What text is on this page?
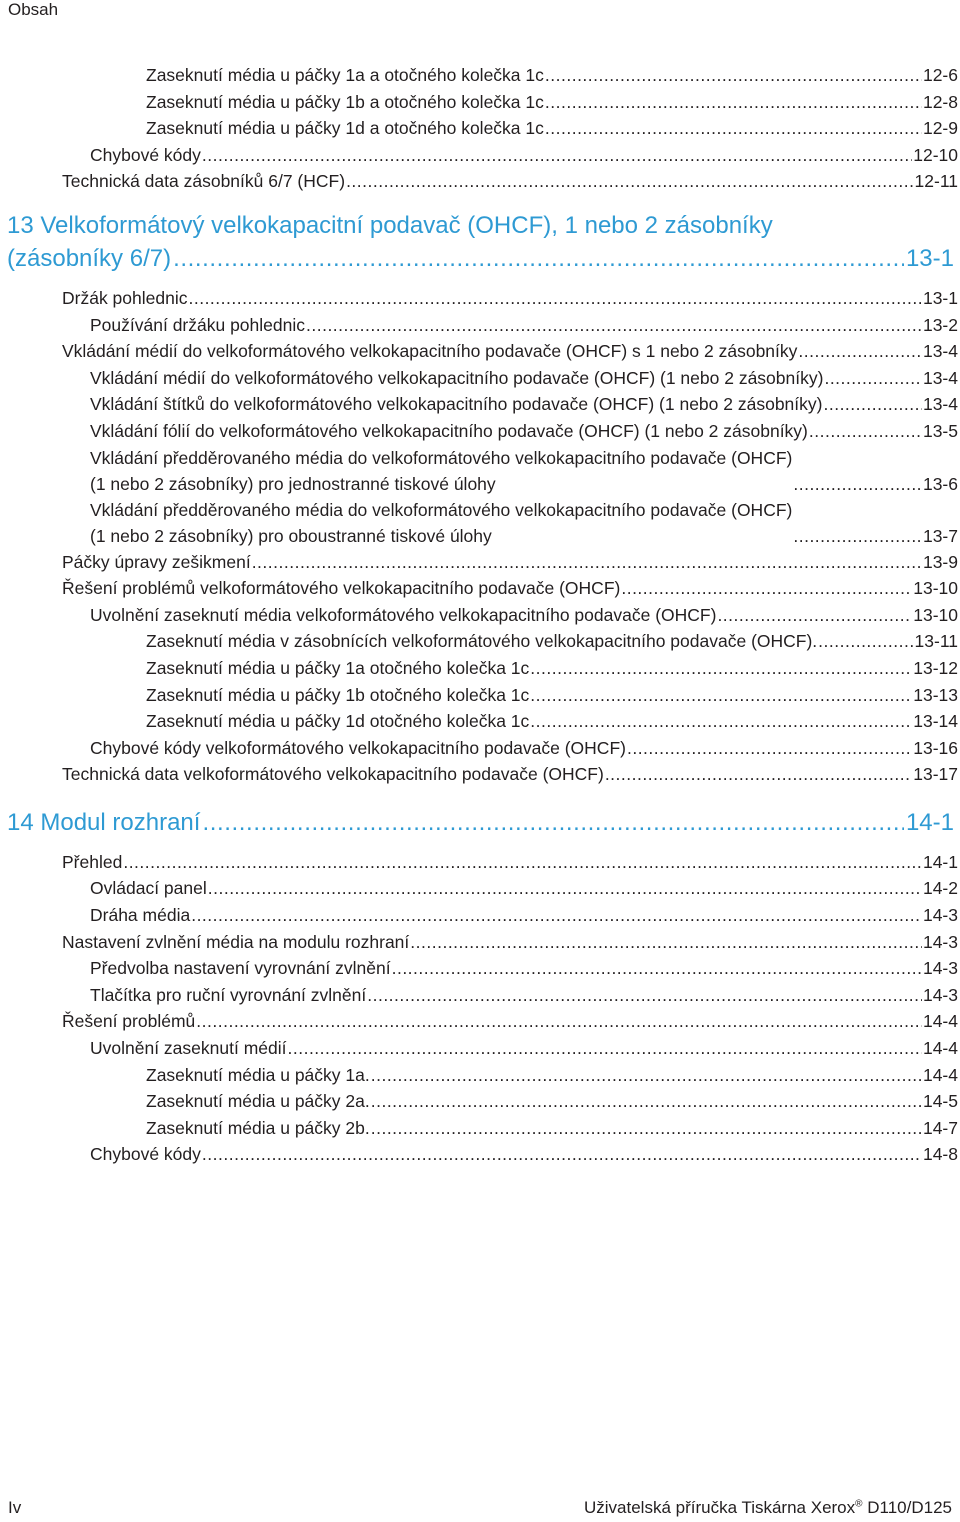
Obsah
Zaseknutí média u páčky 1a a otočného kolečka 1c .....	12-6
Zaseknutí média u páčky 1b a otočného kolečka 1c .....	12-8
Zaseknutí média u páčky 1d a otočného kolečka 1c .....	12-9
Chybové kódy .....	12-10
Technická data zásobníků 6/7 (HCF) .....	12-11
13 Velkoformátový velkokapacitní podavač (OHCF), 1 nebo 2 zásobníky
(zásobníky 6/7) .....	13-1
Držák pohlednic .....	13-1
Používání držáku pohlednic .....	13-2
Vkládání médií do velkoformátového velkokapacitního podavače (OHCF) s 1 nebo 2 zásobníky .....	13-4
Vkládání médií do velkoformátového velkokapacitního podavače (OHCF) (1 nebo 2 zásobníky) .....	13-4
Vkládání štítků do velkoformátového velkokapacitního podavače (OHCF) (1 nebo 2 zásobníky) .....	13-4
Vkládání fólií do velkoformátového velkokapacitního podavače (OHCF) (1 nebo 2 zásobníky) .....	13-5
Vkládání předděrovaného média do velkoformátového velkokapacitního podavače (OHCF)
(1 nebo 2 zásobníky) pro jednostranné tiskové úlohy .....	13-6
Vkládání předděrovaného média do velkoformátového velkokapacitního podavače (OHCF)
(1 nebo 2 zásobníky) pro oboustranné tiskové úlohy .....	13-7
Páčky úpravy zešikmení .....	13-9
Řešení problémů velkoformátového velkokapacitního podavače (OHCF) .....	13-10
Uvolnění zaseknutí média velkoformátového velkokapacitního podavače (OHCF) .....	13-10
Zaseknutí média v zásobnících velkoformátového velkokapacitního podavače (OHCF). .....	13-11
Zaseknutí média u páčky 1a otočného kolečka 1c .....	13-12
Zaseknutí média u páčky 1b otočného kolečka 1c .....	13-13
Zaseknutí média u páčky 1d otočného kolečka 1c .....	13-14
Chybové kódy velkoformátového velkokapacitního podavače (OHCF) .....	13-16
Technická data velkoformátového velkokapacitního podavače (OHCF) .....	13-17
14 Modul rozhraní .....	14-1
Přehled .....	14-1
Ovládací panel .....	14-2
Dráha média .....	14-3
Nastavení zvlnění média na modulu rozhraní .....	14-3
Předvolba nastavení vyrovnání zvlnění .....	14-3
Tlačítka pro ruční vyrovnání zvlnění .....	14-3
Řešení problémů .....	14-4
Uvolnění zaseknutí médií .....	14-4
Zaseknutí média u páčky 1a. .....	14-4
Zaseknutí média u páčky 2a. .....	14-5
Zaseknutí média u páčky 2b. .....	14-7
Chybové kódy .....	14-8
Iv	Uživatelská příručka Tiskárna Xerox® D110/D125
